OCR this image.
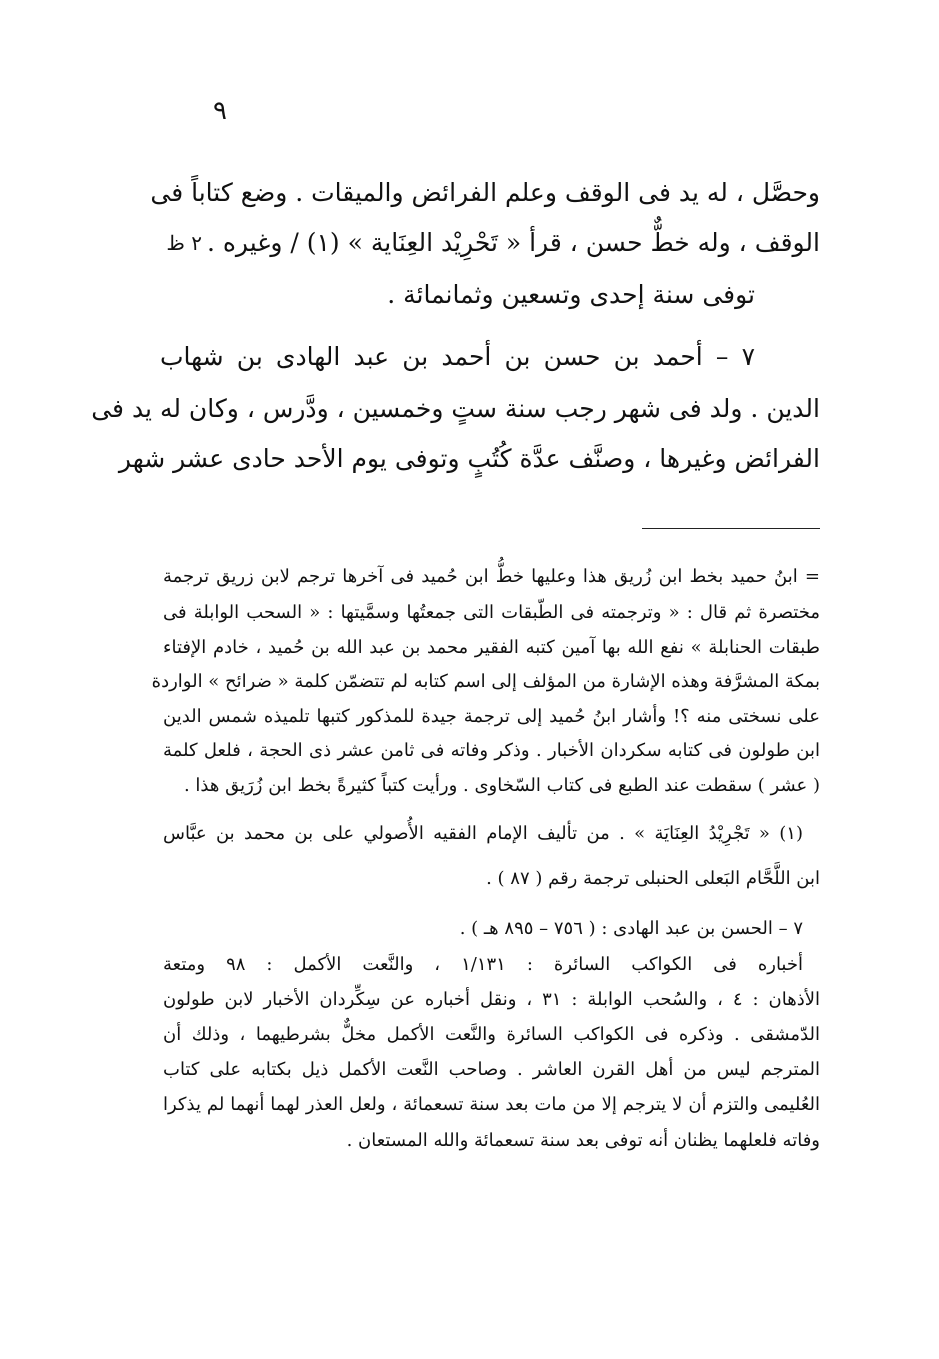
٩
٢ ظ
وحصَّل ، له يد فى الوقف وعلم الفرائض والميقات . وضع كتاباً فى
الوقف ، وله خطٌّ حسن ، قرأ « تَحْرِيْد العِنَاية » (١) / وغيره .
توفى سنة إحدى وتسعين وثمانمائة .
٧ – أحمد بن حسن بن أحمد بن عبد الهادى بن شهاب
الدين . ولد فى شهر رجب سنة ستٍ وخمسين ، ودَّرس ، وكان له يد فى
الفرائض وغيرها ، وصنَّف عدَّة كُتُبٍ وتوفى يوم الأحد حادى عشر شهر
= ابنُ حميد بخط ابن زُريق هذا وعليها خطُّ ابن حُميد فى آخرها ترجم لابن زريق ترجمة
مختصرة ثم قال : « وترجمته فى الطّبقات التى جمعتُها وسمَّيتها : « السحب الوابلة فى
طبقات الحنابلة » نفع الله بها آمين كتبه الفقير محمد بن عبد الله بن حُميد ، خادم الإفتاء
بمكة المشرَّفة وهذه الإشارة من المؤلف إلى اسم كتابه لم تتضمّن كلمة « ضرائح » الواردة
على نسختى منه ؟! وأشار ابنُ حُميد إلى ترجمة جيدة للمذكور كتبها تلميذه شمس الدين
ابن طولون فى كتابه سكردان الأخبار . وذكر وفاته فى ثامن عشر ذى الحجة ، فلعل كلمة
( عشر ) سقطت عند الطبع فى كتاب السّخاوى . ورأيت كتباً كثيرةً بخط ابن زُرَيق هذا .
(١) « تَجْرِيْدُ العِنَايَة » . من تأليف الإمام الفقيه الأُصولي على بن محمد بن عبَّاس
ابن اللَّحَّام البَعلى الحنبلى ترجمة رقم ( ٨٧ ) .
٧ – الحسن بن عبد الهادى : ( ٧٥٦ – ٨٩٥ هـ ) .
أخباره فى الكواكب السائرة : ١/١٣١ ، والنَّعت الأكمل : ٩٨ ومتعة
الأذهان : ٤ ، والسُحب الوابلة : ٣١ ، ونقل أخباره عن سِكِّردان الأخبار لابن طولون
الدّمشقى . وذكره فى الكواكب السائرة والنَّعت الأكمل مخلٌّ بشرطيهما ، وذلك أن
المترجم ليس من أهل القرن العاشر . وصاحب النَّعت الأكمل ذيل بكتابه على كتاب
العُليمى والتزم أن لا يترجم إلا من مات بعد سنة تسعمائة ، ولعل العذر لهما أنهما لم يذكرا
وفاته فلعلهما يظنان أنه توفى بعد سنة تسعمائة والله المستعان .
